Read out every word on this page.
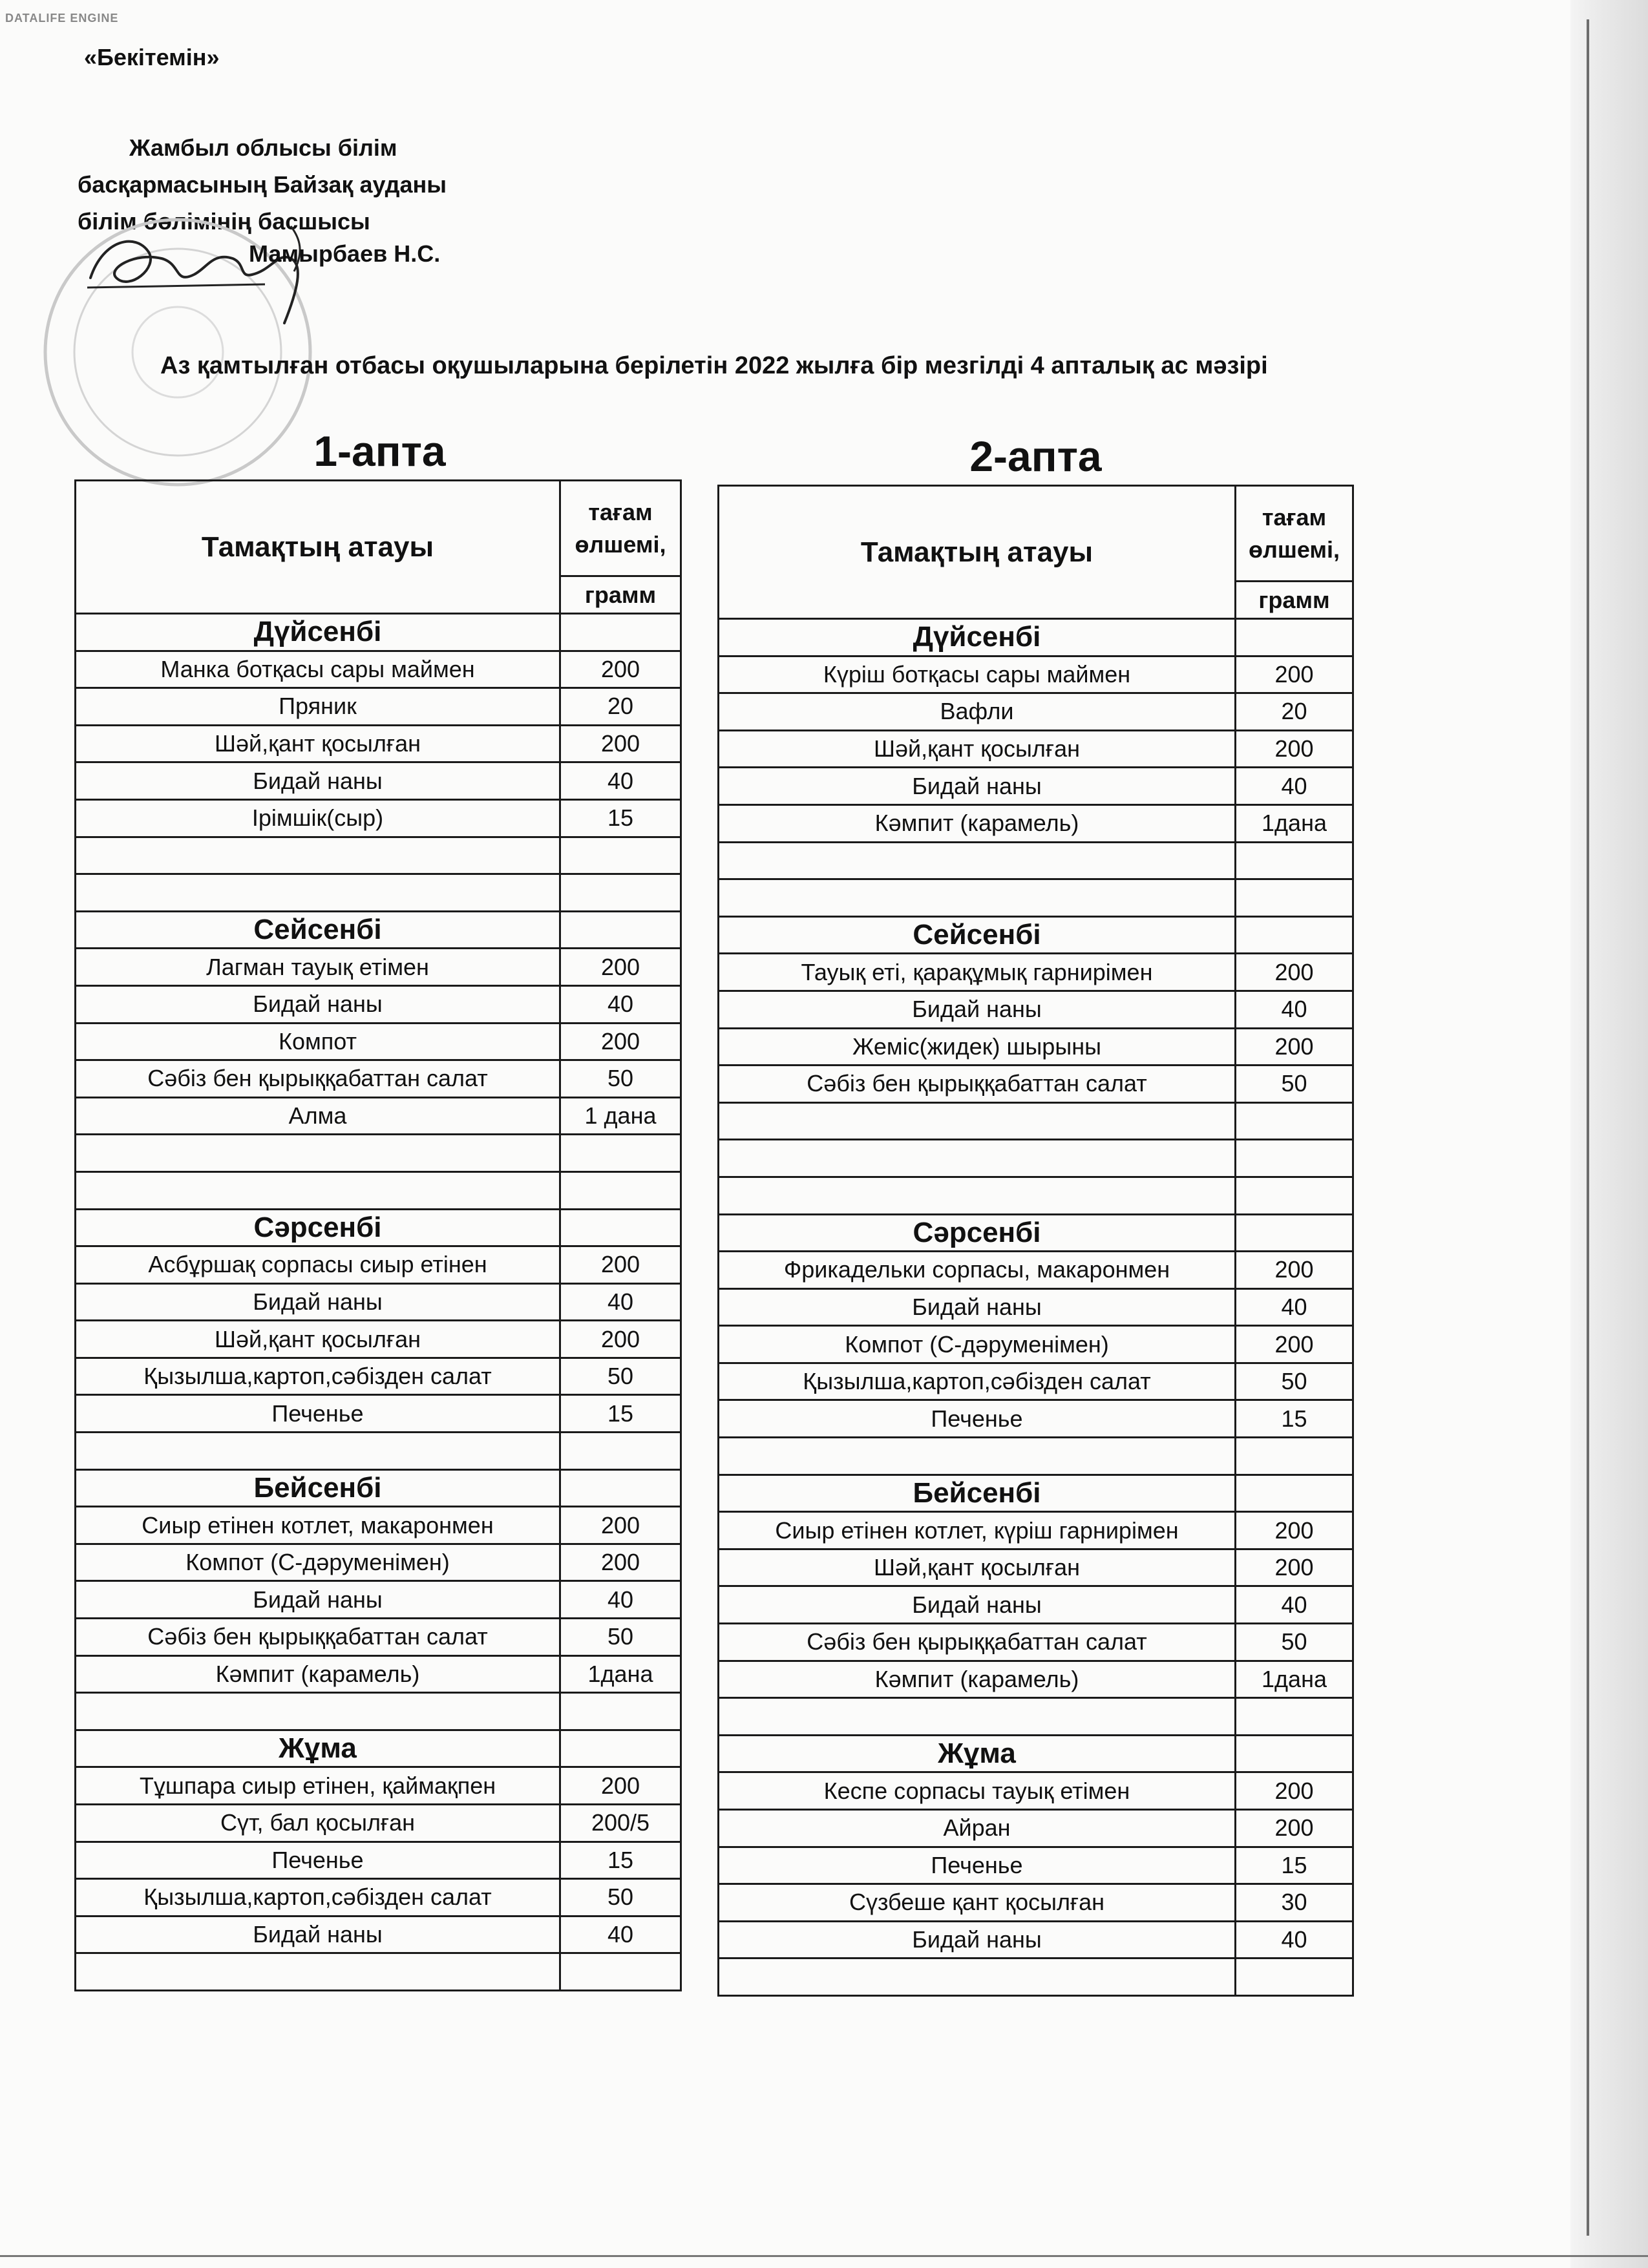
DATALIFE ENGINE
«Бекітемін»
Жамбыл облысы білім
басқармасының Байзақ ауданы
білім бөлімінің басшысы
Мамырбаев Н.С.
Аз қамтылған отбасы оқушыларына берілетін 2022 жылға бір мезгілді 4 апталық ас мәзірі
1-апта	2-апта
Тамақтың атауы	тағам
өлшемі,

	грамм
Дүйсенбі	
Манка ботқасы сары маймен	200
Пряник	20
Шәй,қант қосылған	200
Бидай наны	40
Ірімшік(сыр)	15

Сейсенбі	
Лагман тауық етімен	200
Бидай наны	40
Компот	200
Сәбіз бен қырыққабаттан салат	50
Алма	1 дана

Сәрсенбі	
Асбұршақ сорпасы сиыр етінен	200
Бидай наны	40
Шәй,қант қосылған	200
Қызылша,картоп,сәбізден салат	50
Печенье	15

Бейсенбі	
Сиыр етінен котлет, макаронмен	200
Компот (С-дәруменімен)	200
Бидай наны	40
Сәбіз бен қырыққабаттан салат	50
Кәмпит (карамель)	1дана

Жұма	
Тұшпара сиыр етінен, қаймақпен	200
Сүт, бал қосылған	200/5
Печенье	15
Қызылша,картоп,сәбізден салат	50
Бидай наны	40

Тамақтың атауы	тағам
өлшемі,

	грамм
Дүйсенбі	
Күріш ботқасы сары маймен	200
Вафли	20
Шәй,қант қосылған	200
Бидай наны	40
Кәмпит (карамель)	1дана

Сейсенбі	
Тауық еті, қарақұмық гарнирімен	200
Бидай наны	40
Жеміс(жидек) шырыны	200
Сәбіз бен қырыққабаттан салат	50

Сәрсенбі	
Фрикадельки сорпасы, макаронмен	200
Бидай наны	40
Компот (С-дәруменімен)	200
Қызылша,картоп,сәбізден салат	50
Печенье	15

Бейсенбі	
Сиыр етінен котлет, күріш гарнирімен	200
Шәй,қант қосылған	200
Бидай наны	40
Сәбіз бен қырыққабаттан салат	50
Кәмпит (карамель)	1дана

Жұма	
Кеспе сорпасы тауық етімен	200
Айран	200
Печенье	15
Сүзбеше қант қосылған	30
Бидай наны	40
